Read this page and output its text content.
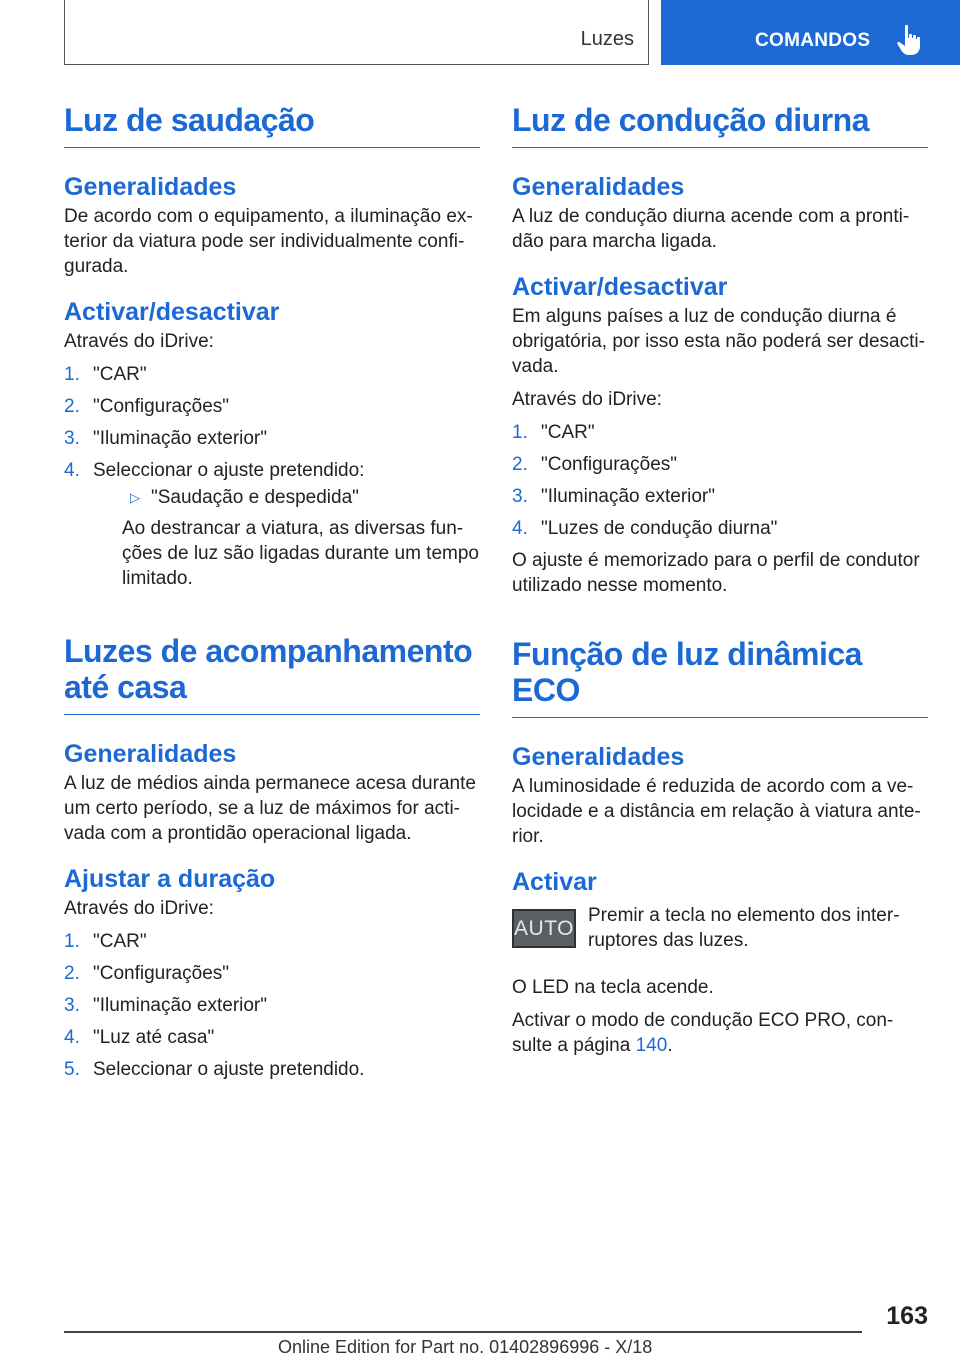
Luzes	COMANDOS
Luz de saudação
Generalidades

De acordo com o equipamento, a iluminação ex-terior da viatura pode ser individualmente confi-gurada.

Activar/desactivar

Através do iDrive:

1. "CAR"
2. "Configurações"
3. "Iluminação exterior"
4. Seleccionar o ajuste pretendido:
▷ "Saudação e despedida"
Ao destrancar a viatura, as diversas fun-ções de luz são ligadas durante um tempo limitado.
Luzes de acompanhamento até casa
Generalidades

A luz de médios ainda permanece acesa durante um certo período, se a luz de máximos for acti-vada com a prontidão operacional ligada.

Ajustar a duração

Através do iDrive:

1. "CAR"
2. "Configurações"
3. "Iluminação exterior"
4. "Luz até casa"
5. Seleccionar o ajuste pretendido.
Luz de condução diurna
Generalidades

A luz de condução diurna acende com a pronti-dão para marcha ligada.

Activar/desactivar

Em alguns países a luz de condução diurna é obrigatória, por isso esta não poderá ser desacti-vada.

Através do iDrive:

1. "CAR"
2. "Configurações"
3. "Iluminação exterior"
4. "Luzes de condução diurna"

O ajuste é memorizado para o perfil de condutor utilizado nesse momento.

Função de luz dinâmica ECO
Generalidades

A luminosidade é reduzida de acordo com a ve-locidade e a distância em relação à viatura ante-rior.

Activar
AUTO
Premir a tecla no elemento dos inter-ruptores das luzes.

O LED na tecla acende.

Activar o modo de condução ECO PRO, con-sulte a página 140.

163
Online Edition for Part no. 01402896996 - X/18
